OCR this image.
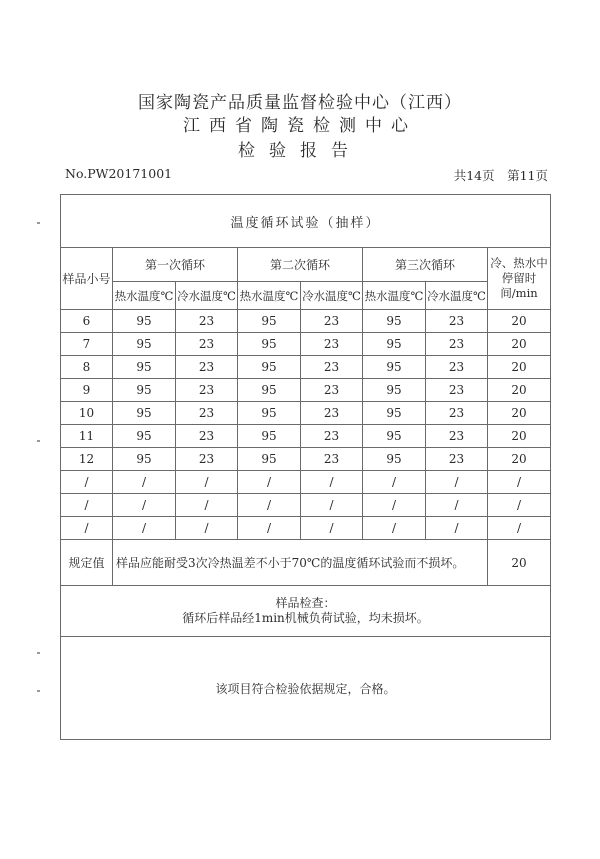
国家陶瓷产品质量监督检验中心（江西）
江西省陶瓷检测中心
检验报告
No.PW20171001	共14页　第11页
温度循环试验（抽样）							
样品小号	第一次循环		第二次循环		第三次循环		冷、热水中停留时间/min
	热水温度℃	冷水温度℃	热水温度℃	冷水温度℃	热水温度℃	冷水温度℃	
6	95	23	95	23	95	23	20
7	95	23	95	23	95	23	20
8	95	23	95	23	95	23	20
9	95	23	95	23	95	23	20
10	95	23	95	23	95	23	20
11	95	23	95	23	95	23	20
12	95	23	95	23	95	23	20
/	/	/	/	/	/	/	/
/	/	/	/	/	/	/	/
/	/	/	/	/	/	/	/
规定值	样品应能耐受3次冷热温差不小于70℃的温度循环试验而不损坏。						20

样品检查：
循环后样品经1min机械负荷试验，均未损坏。							

该项目符合检验依据规定，合格。							
